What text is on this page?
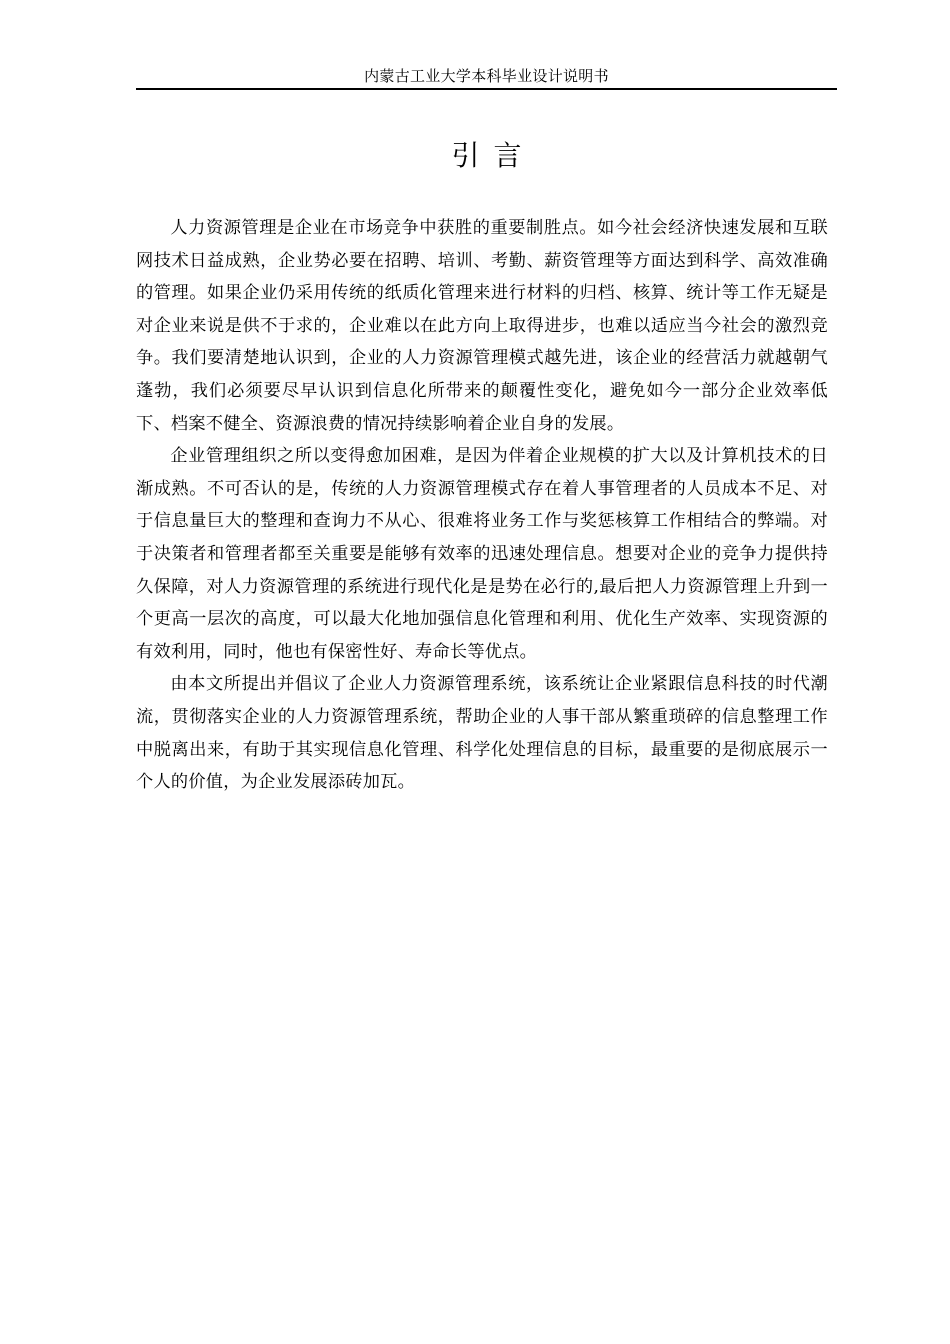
内蒙古工业大学本科毕业设计说明书
引言

人力资源管理是企业在市场竞争中获胜的重要制胜点。如今社会经济快速发展和互联网技术日益成熟，企业势必要在招聘、培训、考勤、薪资管理等方面达到科学、高效准确的管理。如果企业仍采用传统的纸质化管理来进行材料的归档、核算、统计等工作无疑是对企业来说是供不于求的，企业难以在此方向上取得进步，也难以适应当今社会的激烈竞争。我们要清楚地认识到，企业的人力资源管理模式越先进，该企业的经营活力就越朝气蓬勃，我们必须要尽早认识到信息化所带来的颠覆性变化，避免如今一部分企业效率低下、档案不健全、资源浪费的情况持续影响着企业自身的发展。

企业管理组织之所以变得愈加困难，是因为伴着企业规模的扩大以及计算机技术的日渐成熟。不可否认的是，传统的人力资源管理模式存在着人事管理者的人员成本不足、对于信息量巨大的整理和查询力不从心、很难将业务工作与奖惩核算工作相结合的弊端。对于决策者和管理者都至关重要是能够有效率的迅速处理信息。想要对企业的竞争力提供持久保障，对人力资源管理的系统进行现代化是是势在必行的,最后把人力资源管理上升到一个更高一层次的高度，可以最大化地加强信息化管理和利用、优化生产效率、实现资源的有效利用，同时，他也有保密性好、寿命长等优点。

由本文所提出并倡议了企业人力资源管理系统，该系统让企业紧跟信息科技的时代潮流，贯彻落实企业的人力资源管理系统，帮助企业的人事干部从繁重琐碎的信息整理工作中脱离出来，有助于其实现信息化管理、科学化处理信息的目标，最重要的是彻底展示一个人的价值，为企业发展添砖加瓦。
